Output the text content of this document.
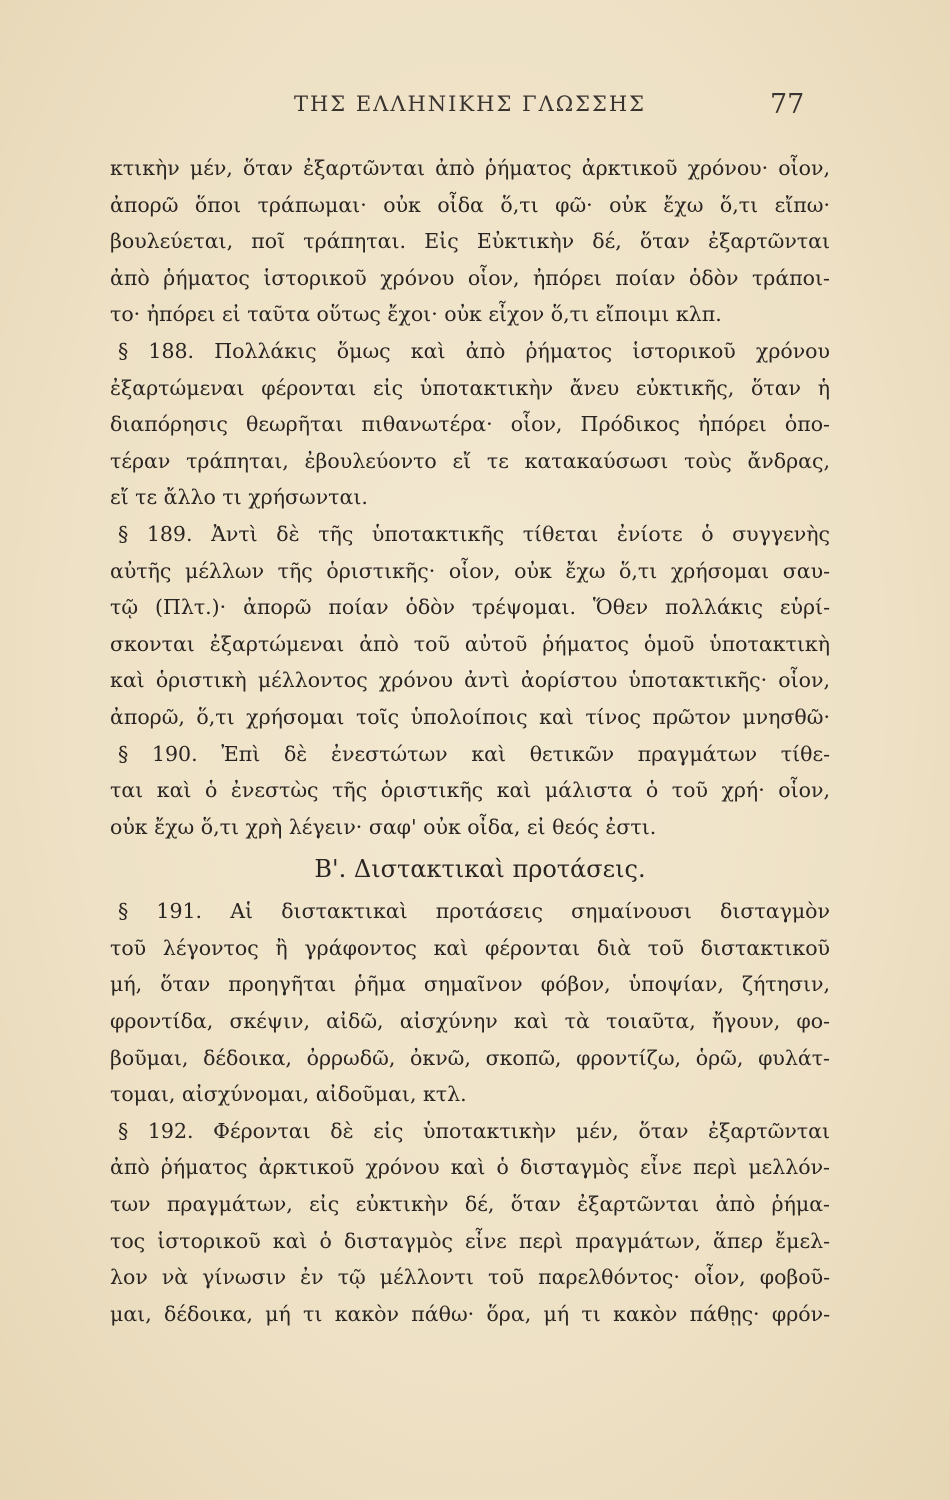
ΤΗΣ ΕΛΛΗΝΙΚΗΣ ΓΛΩΣΣΗΣ	77
κτικὴν μέν, ὅταν ἐξαρτῶνται ἀπὸ ῥήματος ἀρκτικοῦ χρόνου· οἷον,
ἀπορῶ ὅποι τράπωμαι· οὐκ οἶδα ὅ,τι φῶ· οὐκ ἔχω ὅ,τι εἴπω·
βουλεύεται, ποῖ τράπηται. Εἰς Εὐκτικὴν δέ, ὅταν ἐξαρτῶνται
ἀπὸ ῥήματος ἱστορικοῦ χρόνου οἷον, ἠπόρει ποίαν ὁδὸν τράποι-
το· ἠπόρει εἰ ταῦτα οὕτως ἔχοι· οὐκ εἶχον ὅ,τι εἴποιμι κλπ.
§ 188. Πολλάκις ὅμως καὶ ἀπὸ ῥήματος ἱστορικοῦ χρόνου
ἐξαρτώμεναι φέρονται εἰς ὑποτακτικὴν ἄνευ εὐκτικῆς, ὅταν ἡ
διαπόρησις θεωρῆται πιθανωτέρα· οἷον, Πρόδικος ἠπόρει ὁπο-
τέραν τράπηται, ἐβουλεύοντο εἴ τε κατακαύσωσι τοὺς ἄνδρας,
εἴ τε ἄλλο τι χρήσωνται.
§ 189. Ἀντὶ δὲ τῆς ὑποτακτικῆς τίθεται ἐνίοτε ὁ συγγενὴς
αὐτῆς μέλλων τῆς ὁριστικῆς· οἷον, οὐκ ἔχω ὅ,τι χρήσομαι σαυ-
τῷ (Πλτ.)· ἀπορῶ ποίαν ὁδὸν τρέψομαι. Ὅθεν πολλάκις εὑρί-
σκονται ἐξαρτώμεναι ἀπὸ τοῦ αὐτοῦ ῥήματος ὁμοῦ ὑποτακτικὴ
καὶ ὁριστικὴ μέλλοντος χρόνου ἀντὶ ἀορίστου ὑποτακτικῆς· οἷον,
ἀπορῶ, ὅ,τι χρήσομαι τοῖς ὑπολοίποις καὶ τίνος πρῶτον μνησθῶ·
§ 190. Ἐπὶ δὲ ἐνεστώτων καὶ θετικῶν πραγμάτων τίθε-
ται καὶ ὁ ἐνεστὼς τῆς ὁριστικῆς καὶ μάλιστα ὁ τοῦ χρή· οἷον,
οὐκ ἔχω ὅ,τι χρὴ λέγειν· σαφ' οὐκ οἶδα, εἰ θεός ἐστι.
Β'. Διστακτικαὶ προτάσεις.
§ 191. Αἱ διστακτικαὶ προτάσεις σημαίνουσι δισταγμὸν
τοῦ λέγοντος ἢ γράφοντος καὶ φέρονται διὰ τοῦ διστακτικοῦ
μή, ὅταν προηγῆται ῥῆμα σημαῖνον φόβον, ὑποψίαν, ζήτησιν,
φροντίδα, σκέψιν, αἰδῶ, αἰσχύνην καὶ τὰ τοιαῦτα, ἤγουν, φο-
βοῦμαι, δέδοικα, ὀρρωδῶ, ὀκνῶ, σκοπῶ, φροντίζω, ὁρῶ, φυλάτ-
τομαι, αἰσχύνομαι, αἰδοῦμαι, κτλ.
§ 192. Φέρονται δὲ εἰς ὑποτακτικὴν μέν, ὅταν ἐξαρτῶνται
ἀπὸ ῥήματος ἀρκτικοῦ χρόνου καὶ ὁ δισταγμὸς εἶνε περὶ μελλόν-
των πραγμάτων, εἰς εὐκτικὴν δέ, ὅταν ἐξαρτῶνται ἀπὸ ῥήμα-
τος ἱστορικοῦ καὶ ὁ δισταγμὸς εἶνε περὶ πραγμάτων, ἅπερ ἔμελ-
λον νὰ γίνωσιν ἐν τῷ μέλλοντι τοῦ παρελθόντος· οἷον, φοβοῦ-
μαι, δέδοικα, μή τι κακὸν πάθω· ὅρα, μή τι κακὸν πάθῃς· φρόν-
